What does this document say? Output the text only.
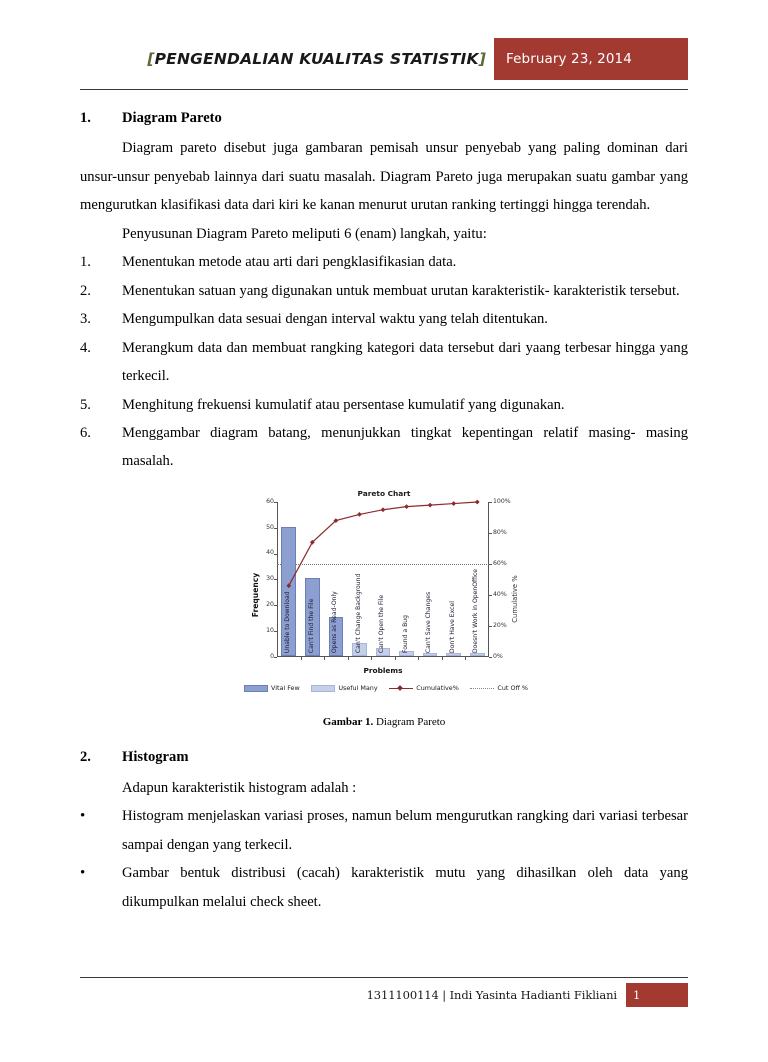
[ PENGENDALIAN KUALITAS STATISTIK ]	February 23, 2014
1.	Diagram Pareto

Diagram pareto disebut juga gambaran pemisah unsur penyebab yang paling dominan dari unsur-unsur penyebab lainnya dari suatu masalah. Diagram Pareto juga merupakan suatu gambar yang mengurutkan klasifikasi data dari kiri ke kanan menurut urutan ranking tertinggi hingga terendah.

Penyusunan Diagram Pareto meliputi 6 (enam) langkah, yaitu:

1.	Menentukan metode atau arti dari pengklasifikasian data.
2.	Menentukan satuan yang digunakan untuk membuat urutan karakteristik- karakteristik tersebut.
3.	Mengumpulkan data sesuai dengan interval waktu yang telah ditentukan.
4.	Merangkum data dan membuat rangking kategori data tersebut dari yaang terbesar hingga yang terkecil.
5.	Menghitung frekuensi kumulatif atau persentase kumulatif yang digunakan.
6.	Menggambar diagram batang, menunjukkan tingkat kepentingan relatif masing- masing masalah.
Pareto Chart
Frequency	Cumulative %
Problems
0
10
20
30
40
50
60
0%
20%
40%
60%
80%
100%
Unable to Download	Can't Find the File	Opens as Read-Only	Can't Change Background	Can't Open the File	Found a Bug	Can't Save Changes	Don't Have Excel	Doesn't Work in OpenOffice
Vital Few	Useful Many	Cumulative%	Cut Off %
Gambar 1. Diagram Pareto
2.	Histogram

Adapun karakteristik histogram adalah :

•	Histogram menjelaskan variasi proses, namun belum mengurutkan rangking dari variasi terbesar sampai dengan yang terkecil.
•	Gambar bentuk distribusi (cacah) karakteristik mutu yang dihasilkan oleh data yang dikumpulkan melalui check sheet.
1311100114 | Indi Yasinta Hadianti Fikliani	1
